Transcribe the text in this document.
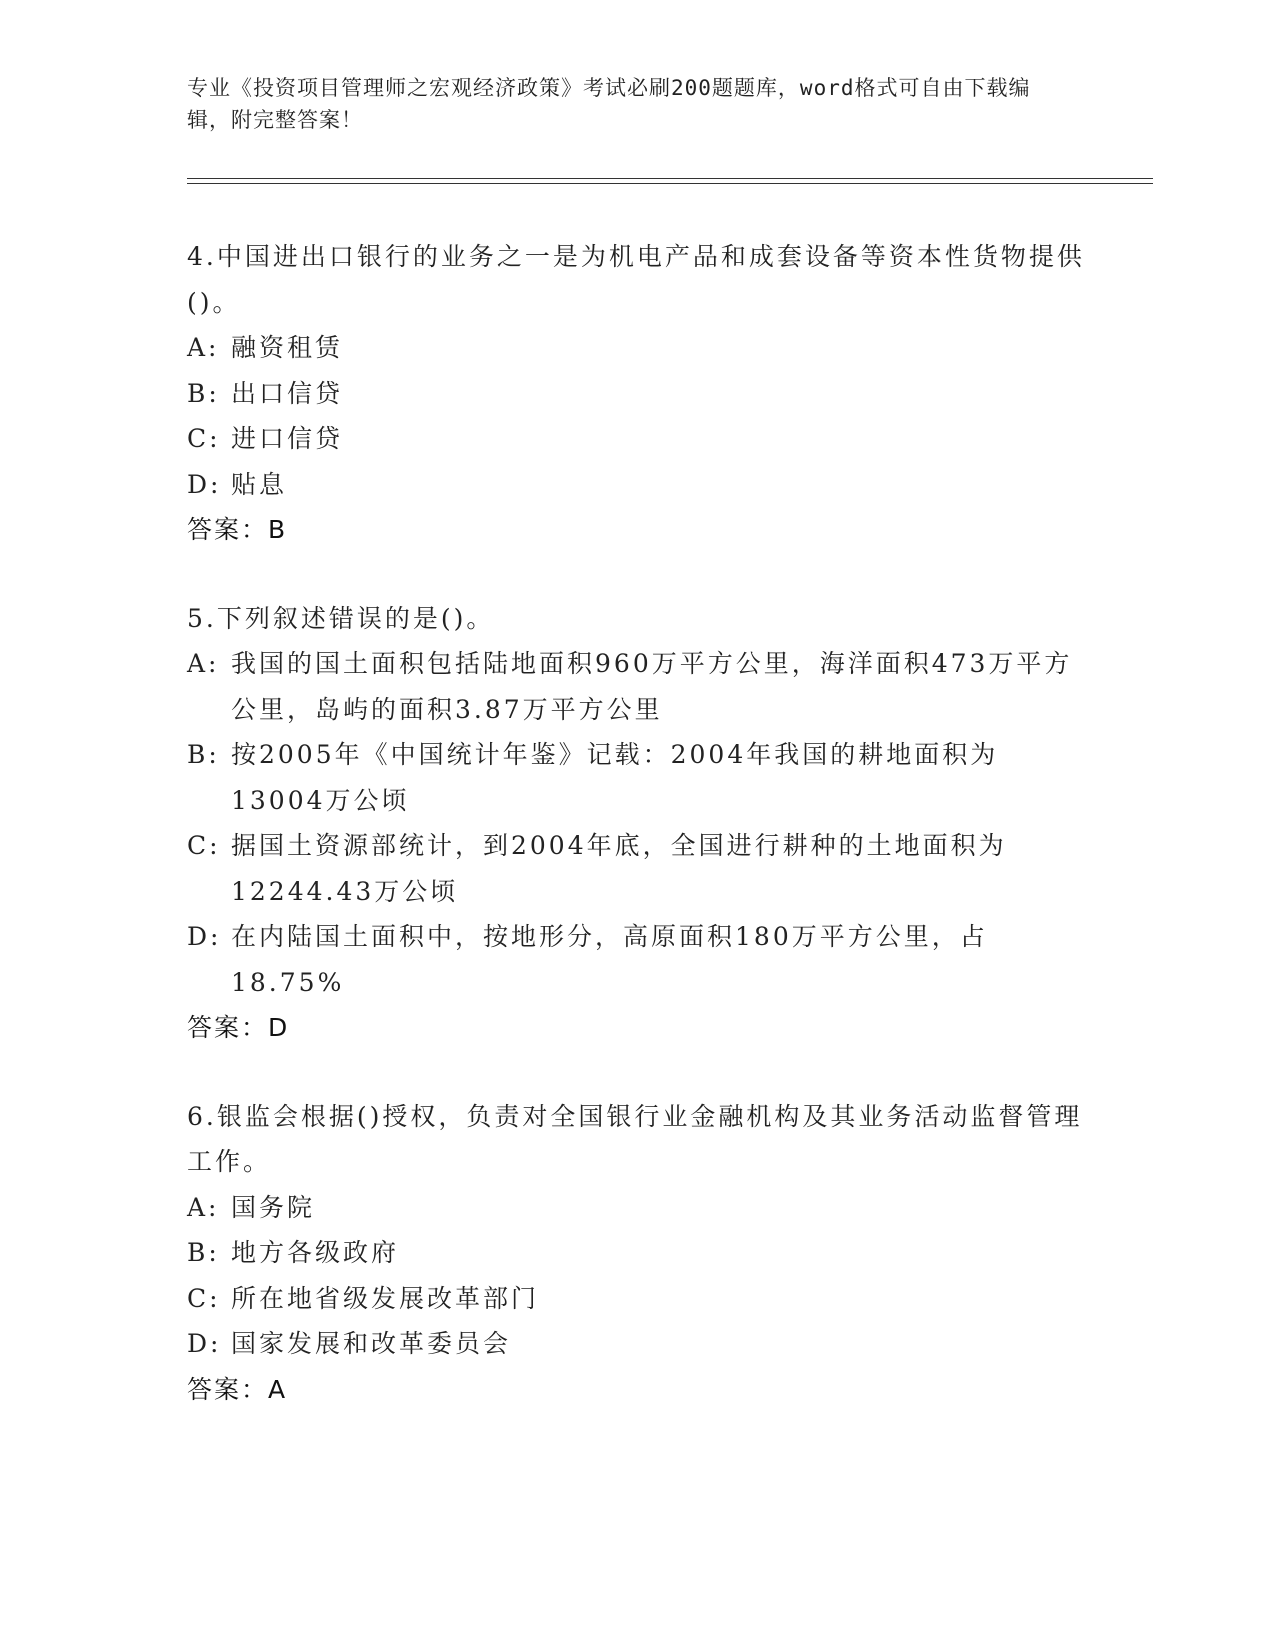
专业《投资项目管理师之宏观经济政策》考试必刷200题题库，word格式可自由下载编辑，附完整答案！
4.中国进出口银行的业务之一是为机电产品和成套设备等资本性货物提供()。
A: 融资租赁
B: 出口信贷
C: 进口信贷
D: 贴息
答案：B
5.下列叙述错误的是()。
A: 我国的国土面积包括陆地面积960万平方公里，海洋面积473万平方公里，岛屿的面积3.87万平方公里
B: 按2005年《中国统计年鉴》记载：2004年我国的耕地面积为13004万公顷
C: 据国土资源部统计，到2004年底，全国进行耕种的土地面积为12244.43万公顷
D: 在内陆国土面积中，按地形分，高原面积180万平方公里，占18.75%
答案：D
6.银监会根据()授权，负责对全国银行业金融机构及其业务活动监督管理工作。
A: 国务院
B: 地方各级政府
C: 所在地省级发展改革部门
D: 国家发展和改革委员会
答案：A
